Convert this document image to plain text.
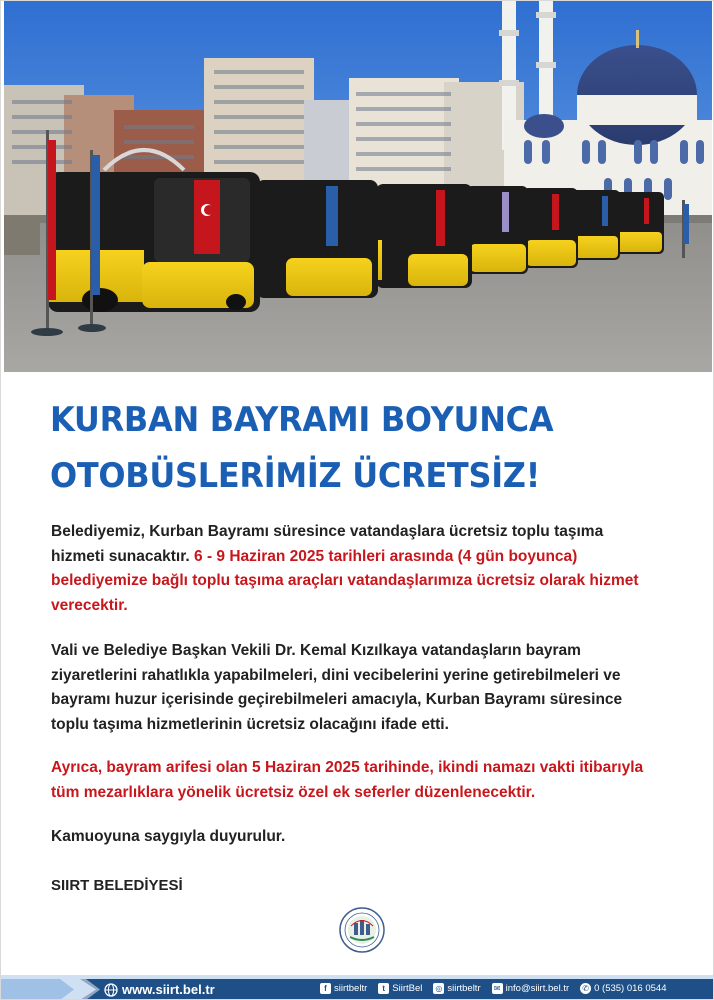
KURBAN BAYRAMI BOYUNCA
OTOBÜSLERİMİZ ÜCRETSİZ!

Belediyemiz, Kurban Bayramı süresince vatandaşlara ücretsiz toplu taşıma hizmeti sunacaktır. 6 - 9 Haziran 2025 tarihleri arasında (4 gün boyunca) belediyemize bağlı toplu taşıma araçları vatandaşlarımıza ücretsiz olarak hizmet verecektir.

Vali ve Belediye Başkan Vekili Dr. Kemal Kızılkaya vatandaşların bayram ziyaretlerini rahatlıkla yapabilmeleri, dini vecibelerini yerine getirebilmeleri ve bayramı huzur içerisinde geçirebilmeleri amacıyla, Kurban Bayramı süresince toplu taşıma hizmetlerinin ücretsiz olacağını ifade etti.

Ayrıca, bayram arifesi olan 5 Haziran 2025 tarihinde, ikindi namazı vakti itibarıyla tüm mezarlıklara yönelik ücretsiz özel ek seferler düzenlenecektir.

Kamuoyuna saygıyla duyurulur.

SIIRT BELEDİYESİ

www.siirt.bel.tr	f siirtbeltr	t SiirtBel ◎ siirtbeltr ✉ info@siirt.bel.tr ✆ 0 (535) 016 0544
